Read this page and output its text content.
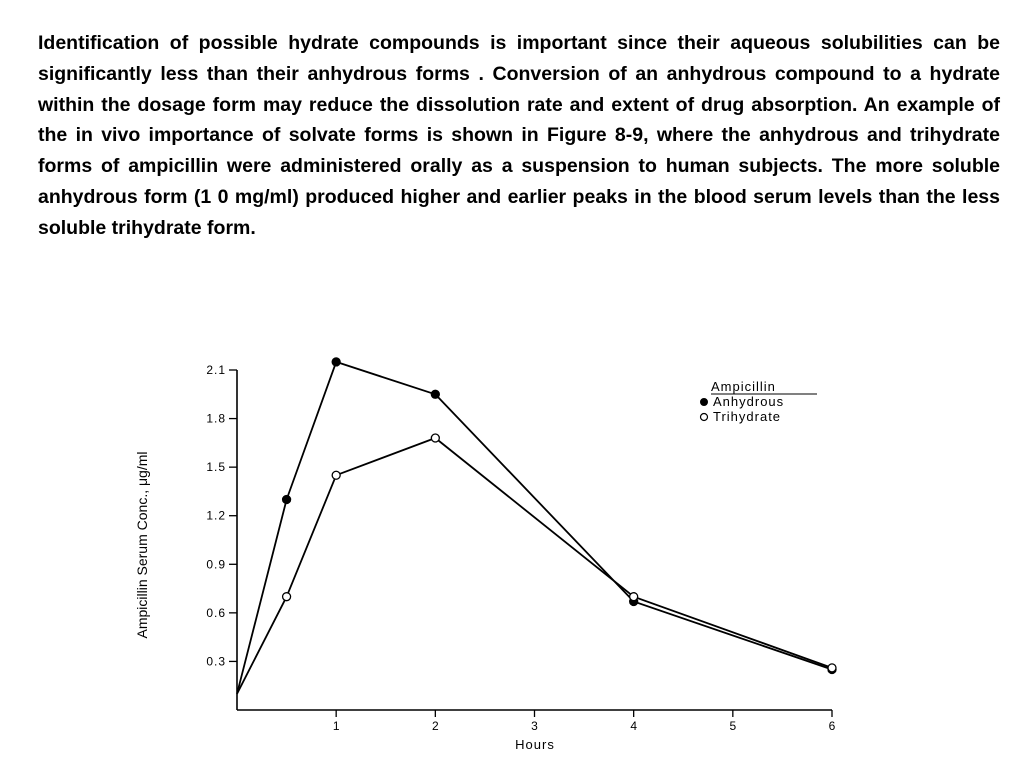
Identification of possible hydrate compounds is important since their aqueous solubilities can be significantly less than their anhydrous forms . Conversion of an anhydrous compound to a hydrate within the dosage form may reduce the dissolution rate and extent of drug absorption. An example of the in vivo importance of solvate forms is shown in Figure 8-9, where the anhydrous and trihydrate forms of ampicillin were administered orally as a suspension to human subjects. The more soluble anhydrous form (1 0 mg/ml) produced higher and earlier peaks in the blood serum levels than the less soluble trihydrate form.

0.3
0.6
0.9
1.2
1.5
1.8
2.1
1	2	3	4	5	6
Ampicillin Serum Conc., μg/ml
Hours
Ampicillin
Anhydrous
Trihydrate
